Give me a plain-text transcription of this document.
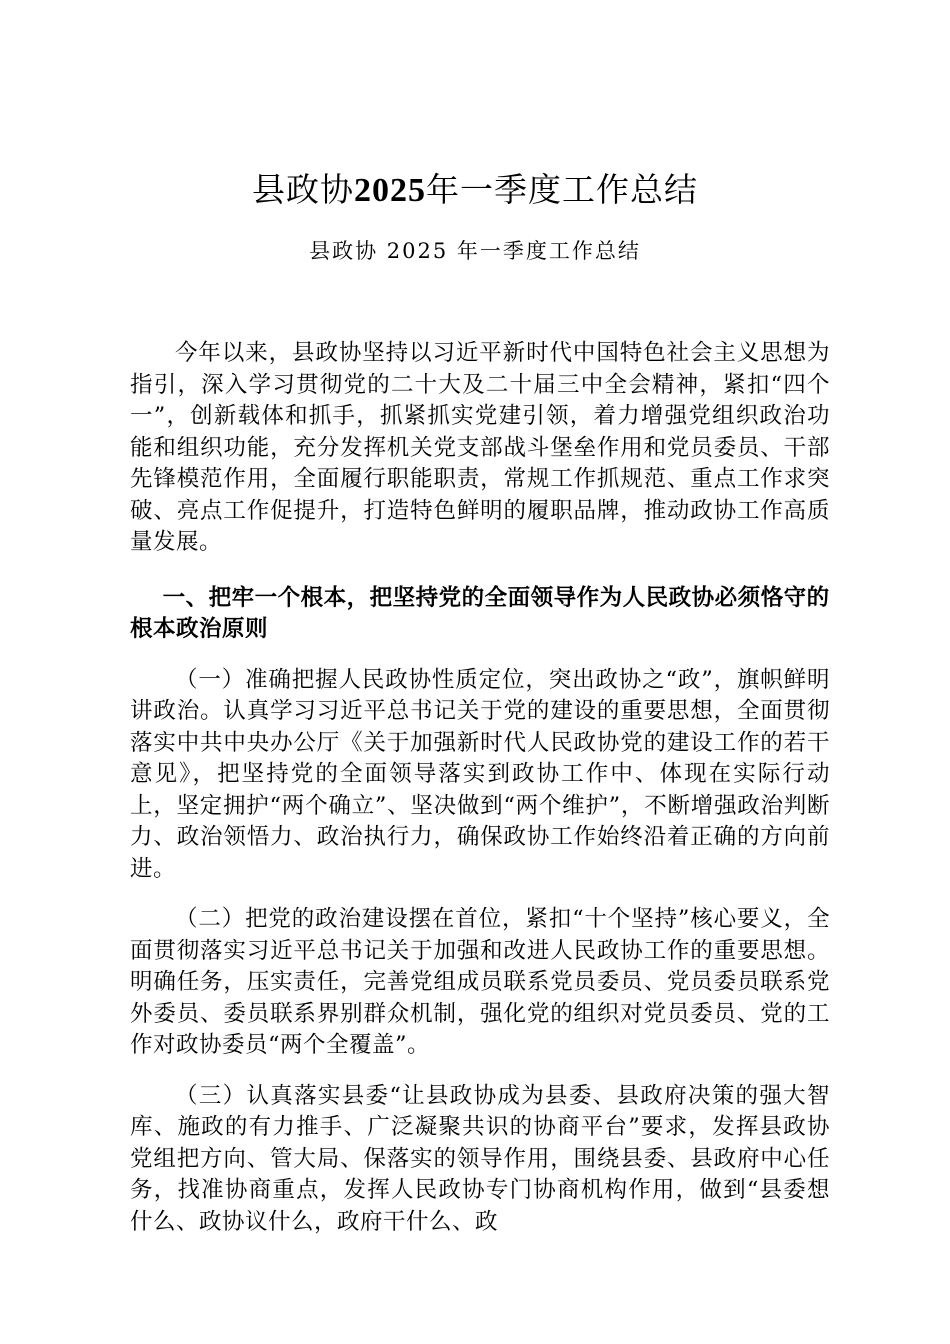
县政协2025年一季度工作总结
县政协 2025 年一季度工作总结

今年以来，县政协坚持以习近平新时代中国特色社会主义思想为指引，深入学习贯彻党的二十大及二十届三中全会精神，紧扣“四个一”，创新载体和抓手，抓紧抓实党建引领，着力增强党组织政治功能和组织功能，充分发挥机关党支部战斗堡垒作用和党员委员、干部先锋模范作用，全面履行职能职责，常规工作抓规范、重点工作求突破、亮点工作促提升，打造特色鲜明的履职品牌，推动政协工作高质量发展。

一、把牢一个根本，把坚持党的全面领导作为人民政协必须恪守的根本政治原则

（一）准确把握人民政协性质定位，突出政协之“政”，旗帜鲜明讲政治。认真学习习近平总书记关于党的建设的重要思想，全面贯彻落实中共中央办公厅《关于加强新时代人民政协党的建设工作的若干意见》，把坚持党的全面领导落实到政协工作中、体现在实际行动上，坚定拥护“两个确立”、坚决做到“两个维护”，不断增强政治判断力、政治领悟力、政治执行力，确保政协工作始终沿着正确的方向前进。

（二）把党的政治建设摆在首位，紧扣“十个坚持”核心要义，全面贯彻落实习近平总书记关于加强和改进人民政协工作的重要思想。明确任务，压实责任，完善党组成员联系党员委员、党员委员联系党外委员、委员联系界别群众机制，强化党的组织对党员委员、党的工作对政协委员“两个全覆盖”。

（三）认真落实县委“让县政协成为县委、县政府决策的强大智库、施政的有力推手、广泛凝聚共识的协商平台”要求，发挥县政协党组把方向、管大局、保落实的领导作用，围绕县委、县政府中心任务，找准协商重点，发挥人民政协专门协商机构作用，做到“县委想什么、政协议什么，政府干什么、政
